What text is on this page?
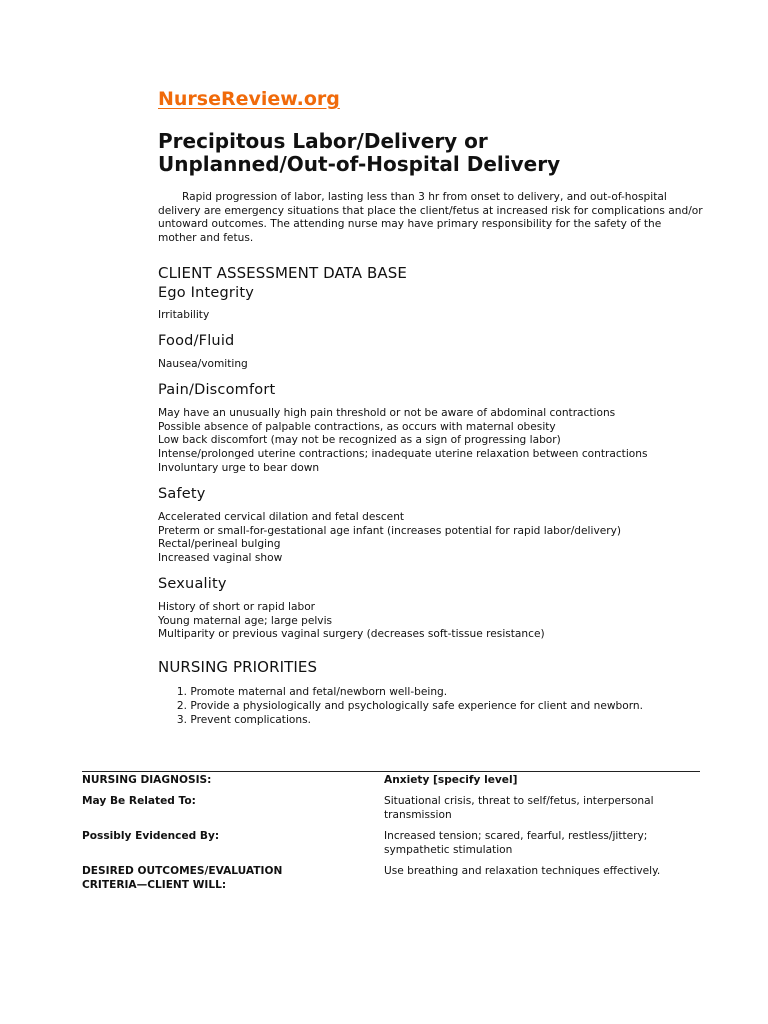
NurseReview.org
Precipitous Labor/Delivery or
Unplanned/Out-of-Hospital Delivery

Rapid progression of labor, lasting less than 3 hr from onset to delivery, and out-of-hospital delivery are emergency situations that place the client/fetus at increased risk for complications and/or untoward outcomes. The attending nurse may have primary responsibility for the safety of the mother and fetus.

CLIENT ASSESSMENT DATA BASE
Ego Integrity
Irritability
Food/Fluid
Nausea/vomiting
Pain/Discomfort
May have an unusually high pain threshold or not be aware of abdominal contractions
Possible absence of palpable contractions, as occurs with maternal obesity
Low back discomfort (may not be recognized as a sign of progressing labor)
Intense/prolonged uterine contractions; inadequate uterine relaxation between contractions
Involuntary urge to bear down
Safety
Accelerated cervical dilation and fetal descent
Preterm or small-for-gestational age infant (increases potential for rapid labor/delivery)
Rectal/perineal bulging
Increased vaginal show
Sexuality
History of short or rapid labor
Young maternal age; large pelvis
Multiparity or previous vaginal surgery (decreases soft-tissue resistance)
NURSING PRIORITIES
1. Promote maternal and fetal/newborn well-being.
2. Provide a physiologically and psychologically safe experience for client and newborn.
3. Prevent complications.

NURSING DIAGNOSIS:	Anxiety [specify level]

May Be Related To:	Situational crisis, threat to self/fetus, interpersonal transmission

Possibly Evidenced By:	Increased tension; scared, fearful, restless/jittery; sympathetic stimulation

DESIRED OUTCOMES/EVALUATION
CRITERIA—CLIENT WILL:

Use breathing and relaxation techniques effectively.
